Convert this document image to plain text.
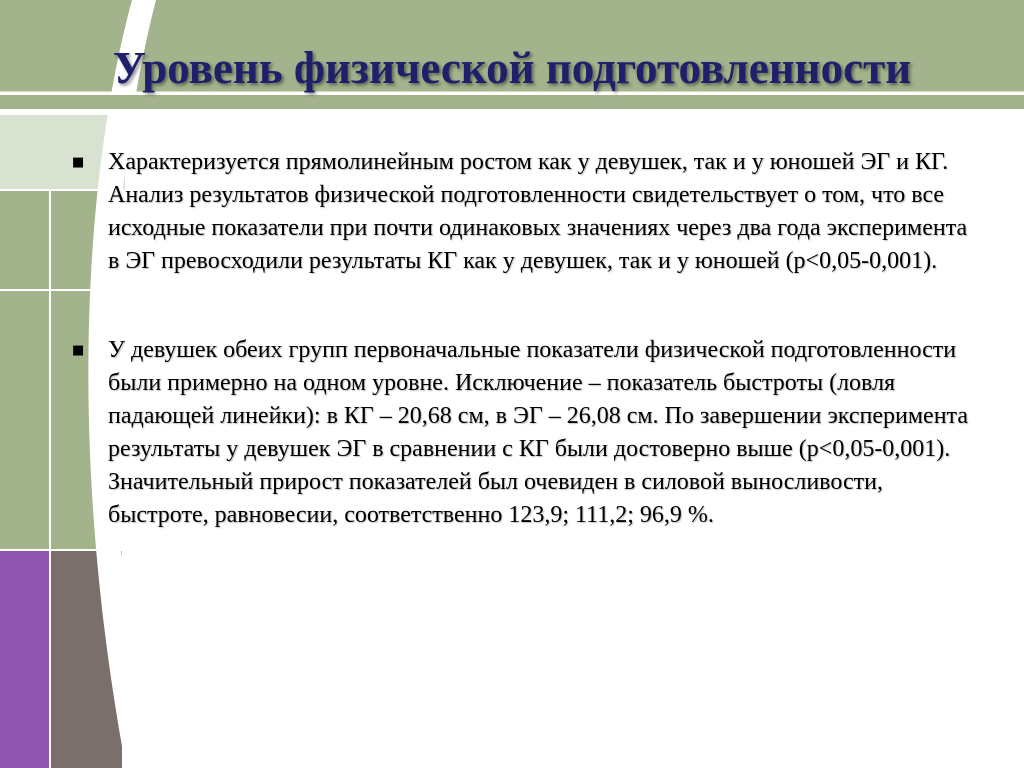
Уровень физической подготовленности
■ Характеризуется прямолинейным ростом как у девушек, так и у юношей ЭГ и КГ. Анализ результатов физической подготовленности свидетельствует о том, что все исходные показатели при почти одинаковых значениях через два года эксперимента в ЭГ превосходили результаты КГ как у девушек, так и у юношей (р<0,05-0,001).
■ У девушек обеих групп первоначальные показатели физической подготовленности были примерно на одном уровне. Исключение – показатель быстроты (ловля падающей линейки): в КГ – 20,68 см, в ЭГ – 26,08 см. По завершении эксперимента результаты у девушек ЭГ в сравнении с КГ были достоверно выше (р<0,05-0,001). Значительный прирост показателей был очевиден в силовой выносливости, быстроте, равновесии, соответственно 123,9; 111,2; 96,9 %.
